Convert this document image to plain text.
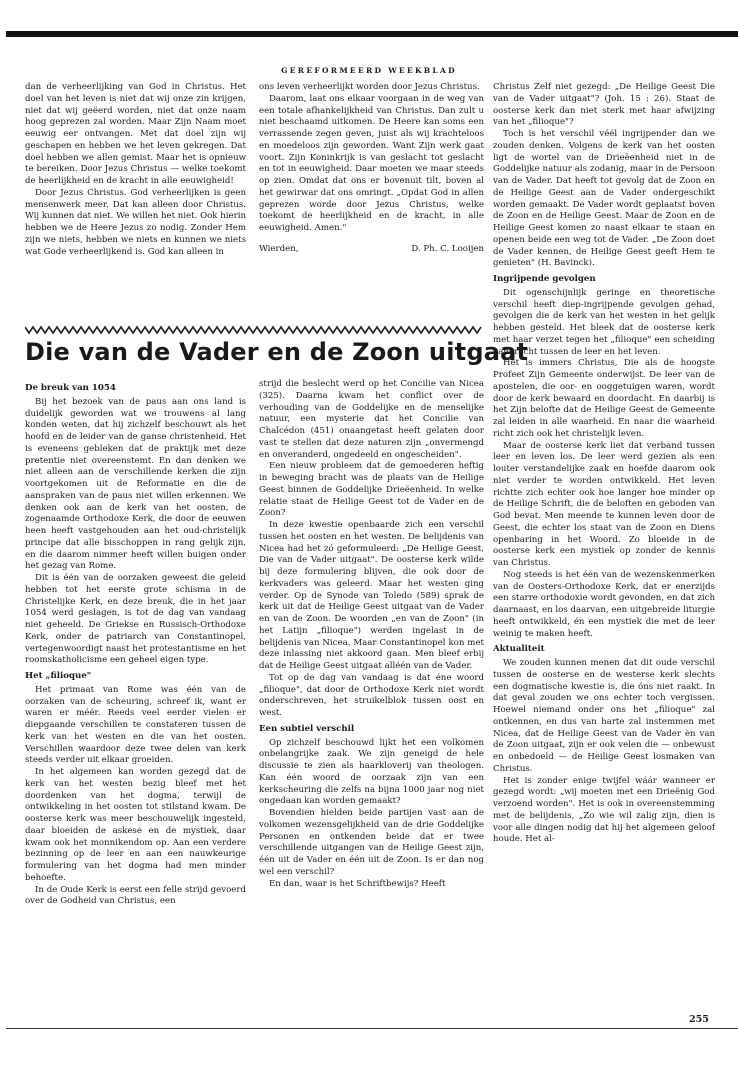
GEREFORMEERD WEEKBLAD

dan de verheerlijking van God in Christus. Het doel van het leven is niet dat wij onze zin krijgen, niet dat wij geëerd worden, niet dat onze naam hoog geprezen zal worden. Maar Zijn Naam moet eeuwig eer ontvangen. Met dat doel zijn wij geschapen en hebben we het leven gekregen. Dat doel hebben we allen gemist. Maar het is opnieuw te bereiken. Door Jezus Christus — welke toekomt de heerlijkheid en de kracht in alle eeuwigheid!

Door Jezus Christus. God verheerlijken is geen mensenwerk meer. Dat kan alleen door Christus. Wij kunnen dat niet. We willen het niet. Ook hierin hebben we de Heere Jezus zo nodig. Zonder Hem zijn we niets, hebben we niets en kunnen we niets wat Gode verheerlijkend is. God kan alleen in

ons leven verheerlijkt worden door Jezus Christus.

Daarom, laat ons elkaar voorgaan in de weg van een totale afhankelijkheid van Christus. Dan zult u niet beschaamd uitkomen. De Heere kan soms een verrassende zegen geven, juist als wij krachteloos en moedeloos zijn geworden. Want Zijn werk gaat voort. Zijn Koninkrijk is van geslacht tot geslacht en tot in eeuwigheid. Daar moeten we maar steeds op zien. Omdat dat ons er bovenuit tilt, boven al het gewirwar dat ons omringt. „Opdat God in allen geprezen worde door Jezus Christus, welke toekomt de heerlijkheid en de kracht, in alle eeuwigheid. Amen."

Wierden,	D. Ph. C. Looijen
Die van de Vader en de Zoon uitgaat
De breuk van 1054

Bij het bezoek van de paus aan ons land is duidelijk geworden wat we trouwens al lang konden weten, dat hij zichzelf beschouwt als het hoofd en de leider van de ganse christenheid. Het is eveneens gebleken dat de praktijk met deze pretentie niet overeenstemt. En dan denken we niet alleen aan de verschillende kerken die zijn voortgekomen uit de Reformatie en die de aanspraken van de paus niet willen erkennen. We denken ook aan de kerk van het oosten, de zogenaamde Orthodoxe Kerk, die door de eeuwen heen heeft vastgehouden aan het oud-christelijk principe dat alle bisschoppen in rang gelijk zijn, en die daarom nimmer heeft willen buigen onder het gezag van Rome.

Dit is één van de oorzaken geweest die geleid hebben tot het eerste grote schisma in de Christelijke Kerk, en deze breuk, die in het jaar 1054 werd geslagen, is tot de dag van vandaag niet geheeld. De Griekse en Russisch-Orthodoxe Kerk, onder de patriarch van Constantinopel, vertegenwoordigt naast het protestantisme en het roomskatholicisme een geheel eigen type.

Het „filioque"

Het primaat van Rome was één van de oorzaken van de scheuring, schreef ik, want er waren er méér. Reeds veel eerder vielen er diepgaande verschillen te constateren tussen de kerk van het westen en die van het oosten. Verschillen waardoor deze twee delen van kerk steeds verder uit elkaar groeiden.

In het algemeen kan worden gezegd dat de kerk van het westen bezig bleef met het doordenken van het dogma, terwijl de ontwikkeling in het oosten tot stilstand kwam. De oosterse kerk was meer beschouwelijk ingesteld, daar bloeiden de askese en de mystiek, daar kwam ook het monnikendom op. Aan een verdere bezinning op de leer en aan een nauwkeurige formulering van het dogma had men minder behoefte.

In de Oude Kerk is eerst een felle strijd gevoerd over de Godheid van Christus, een

strijd die beslecht werd op het Concilie van Nicea (325). Daarna kwam het conflict over de verhouding van de Goddelijke en de menselijke natuur, een mysterie dat het Concilie van Chalcédon (451) onaangetast heeft gelaten door vast te stellen dat deze naturen zijn „onvermengd en onveranderd, ongedeeld en ongescheiden".

Een nieuw probleem dat de gemoederen heftig in beweging bracht was de plaats van de Heilige Geest binnen de Goddelijke Drieëenheid. In welke relatie staat de Heilige Geest tot de Vader en de Zoon?

In deze kwestie openbaarde zich een verschil tussen het oosten en het westen. De belijdenis van Nicea had het zó geformuleerd: „De Heilige Geest, Die van de Vader uitgaat". De oosterse kerk wilde bij deze formulering blijven, die ook door de kerkvaders was geleerd. Maar het westen ging verder. Op de Synode van Toledo (589) sprak de kerk uit dat de Heilige Geest uitgaat van de Vader en van de Zoon. De woorden „en van de Zoon" (in het Latijn „filioque") werden ingelast in de belijdenis van Nicea. Maar Constantinopel kon met deze inlassing niet akkoord gaan. Men bleef erbij dat de Heilige Geest uitgaat alléén van de Vader.

Tot op de dag van vandaag is dat éne woord „filioque", dat door de Orthodoxe Kerk niet wordt onderschreven, het struikelblok tussen oost en west.

Een subtiel verschil

Op zichzelf beschouwd lijkt het een volkomen onbelangrijke zaak. We zijn geneigd de hele discussie te zien als haarkloverij van theologen. Kan één woord de oorzaak zijn van een kerkscheuring die zelfs na bijna 1000 jaar nog niet ongedaan kan worden gemaakt?

Bovendien hielden beide partijen vast aan de volkomen wezensgelijkheid van de drie Goddelijke Personen en ontkenden beide dat er twee verschillende uitgangen van de Heilige Geest zijn, één uit de Vader en één uit de Zoon. Is er dan nog wel een verschil?

En dan, waar is het Schriftbewijs? Heeft

Christus Zelf niet gezegd: „De Heilige Geest Die van de Vader uitgaat"? (Joh. 15 : 26). Staat de oosterse kerk dan niet sterk met haar afwijzing van het „filioque"?

Toch is het verschil véél ingrijpender dan we zouden denken. Volgens de kerk van het oosten ligt de wortel van de Drieëenheid niet in de Goddelijke natuur als zodanig, maar in de Persoon van de Vader. Dat heeft tot gevolg dat de Zoon en de Heilige Geest aan de Vader ondergeschikt worden gemaakt. De Vader wordt geplaatst boven de Zoon en de Heilige Geest. Maar de Zoon en de Heilige Geest komen zo naast elkaar te staan en openen beide een weg tot de Vader. „De Zoon doet de Vader kennen, de Heilige Geest geeft Hem te genieten" (H. Bavinck).

Ingrijpende gevolgen

Dit ogenschijnlijk geringe en theoretische verschil heeft diep-ingrijpende gevolgen gehad, gevolgen die de kerk van het westen in het gelijk hebben gesteld. Het bleek dat de oosterse kerk met haar verzet tegen het „filioque" een scheiding aanbracht tussen de leer en het leven.

Het is immers Christus, Die als de hoogste Profeet Zijn Gemeente onderwijst. De leer van de apostelen, die oor- en ooggetuigen waren, wordt door de kerk bewaard en doordacht. En daarbij is het Zijn belofte dat de Heilige Geest de Gemeente zal leiden in alle waarheid. En naar die waarheid richt zich ook het christelijk leven.

Maar de oosterse kerk liet dat verband tussen leer en leven los. De leer werd gezien als een louter verstandelijke zaak en hoefde daarom ook niet verder te worden ontwikkeld. Het leven richtte zich echter ook hoe langer hoe minder op de Heilige Schrift, die de beloften en geboden van God bevat. Men meende te kunnen leven door de Geest, die echter los staat van de Zoon en Diens openbaring in het Woord. Zo bloeide in de oosterse kerk een mystiek op zonder de kennis van Christus.

Nog steeds is het één van de wezenskenmerken van de Oosters-Orthodoxe Kerk, dat er enerzijds een starre orthodoxie wordt gevonden, en dat zich daarnaast, en los daarvan, een uitgebreide liturgie heeft ontwikkeld, én een mystiek die met de leer weinig te maken heeft.

Aktualiteit

We zouden kunnen menen dat dit oude verschil tussen de oosterse en de westerse kerk slechts een dogmatische kwestie is, die óns niet raakt. In dat geval zouden we ons echter toch vergissen. Hoewel niemand onder ons het „filioque" zal ontkennen, en dus van harte zal instemmen met Nicea, dat de Heilige Geest van de Vader èn van de Zoon uitgaat, zijn er ook velen die — onbewust en onbedoeld — de Heilige Geest losmaken van Christus.

Het is zonder enige twijfel wáár wanneer er gezegd wordt: „wij moeten met een Drieënig God verzoend worden". Het is ook in overeenstemming met de belijdenis, „Zo wie wil zalig zijn, dien is voor alle dingen nodig dat hij het algemeen geloof houde. Het al-

255
